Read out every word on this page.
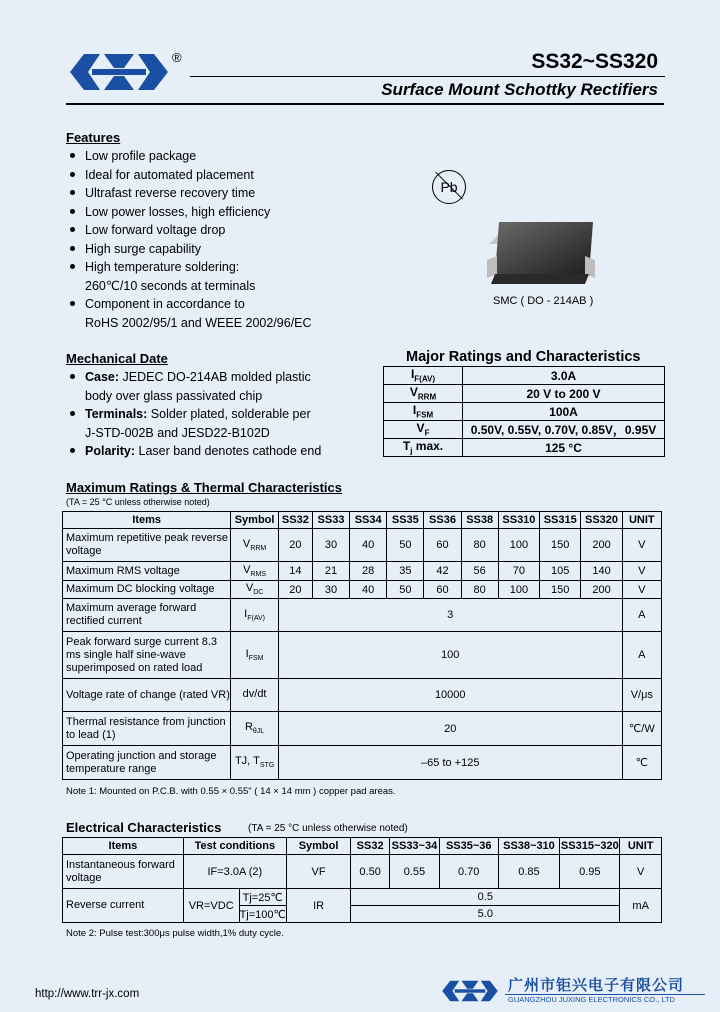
®	SS32~SS320
Surface Mount Schottky Rectifiers
Features
Low profile package
Ideal for automated placement
Ultrafast reverse recovery time
Low power losses, high efficiency
Low forward voltage drop
High surge capability
High temperature soldering:
260℃/10 seconds at terminals
Component in accordance to
RoHS 2002/95/1 and WEEE 2002/96/EC
Pb
SMC ( DO - 214AB )
Mechanical Date
Case: JEDEC DO-214AB molded plastic
body over glass passivated chip
Terminals: Solder plated, solderable per
J-STD-002B and JESD22-B102D
Polarity: Laser band denotes cathode end
Major Ratings and Characteristics
$I_{F(AV)}$	3.0A
$V_{RRM}$	20 V to 200 V
$I_{FSM}$	100A
$V_F$	0.50V, 0.55V, 0.70V, 0.85V，0.95V
$T_j$ max.	125 °C
Maximum Ratings & Thermal Characteristics
(TA = 25 °C unless otherwise noted)
Items	Symbol	SS32	SS33	SS34	SS35	SS36	SS38	SS310	SS315	SS320	UNIT
Maximum repetitive peak reverse voltage	$V_{RRM}$	20	30	40	50	60	80	100	150	200	V
Maximum RMS voltage	$V_{RMS}$	14	21	28	35	42	56	70	105	140	V
Maximum DC blocking voltage	$V_{DC}$	20	30	40	50	60	80	100	150	200	V
Maximum average forward rectified current	$I_{F(AV)}$	3									A
Peak forward surge current 8.3 ms single half sine-wave superimposed on rated load	$I_{FSM}$	100									A
Voltage rate of change (rated VR)	dv/dt	10000									V/μs
Thermal resistance from junction to lead (1)	$R_{\theta JL}$	20									℃/W
Operating junction and storage temperature range	TJ, $T_{STG}$	–65 to +125									℃
Note 1: Mounted on P.C.B. with 0.55 × 0.55" ( 14 × 14 mm ) copper pad areas.
Electrical Characteristics	(TA = 25 °C unless otherwise noted)
Items	Test conditions		Symbol	SS32	SS33~34	SS35~36	SS38~310	SS315~320	UNIT
Instantaneous forward voltage	IF=3.0A (2)		VF	0.50	0.55	0.70	0.85	0.95	V
Reverse current	VR=VDC	Tj=25℃	IR	0.5					mA
		Tj=100℃		5.0					
Note 2: Pulse test:300μs pulse width,1% duty cycle.
http://www.trr-jx.com	广州市钜兴电子有限公司
GUANGZHOU JUXING ELECTRONICS CO., LTD
